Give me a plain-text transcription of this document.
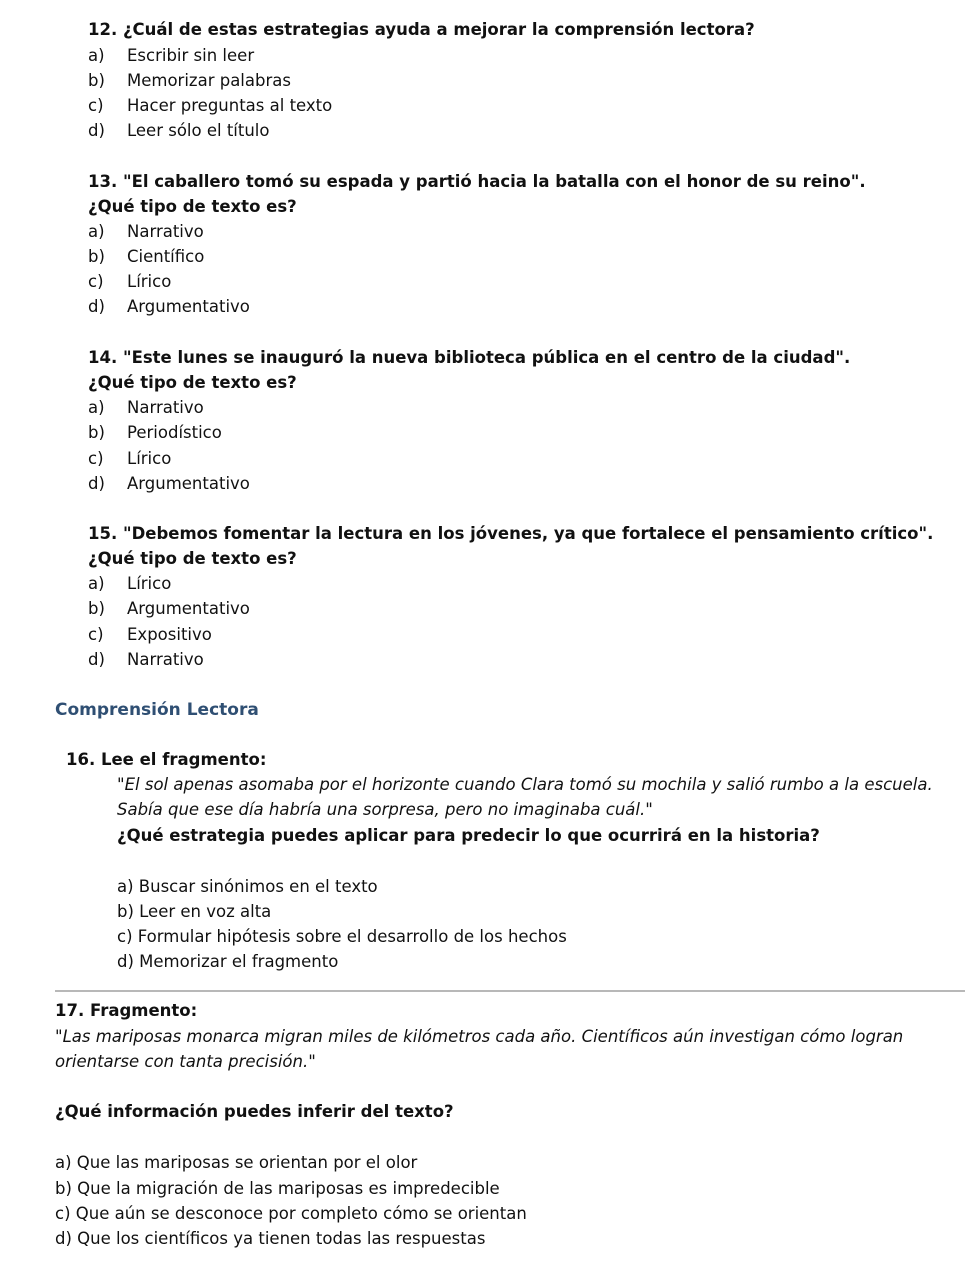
12. ¿Cuál de estas estrategias ayuda a mejorar la comprensión lectora?
a) Escribir sin leer
b) Memorizar palabras
c) Hacer preguntas al texto
d) Leer sólo el título
13. "El caballero tomó su espada y partió hacia la batalla con el honor de su reino".
¿Qué tipo de texto es?
a) Narrativo
b) Científico
c) Lírico
d) Argumentativo
14. "Este lunes se inauguró la nueva biblioteca pública en el centro de la ciudad".
¿Qué tipo de texto es?
a) Narrativo
b) Periodístico
c) Lírico
d) Argumentativo
15. "Debemos fomentar la lectura en los jóvenes, ya que fortalece el pensamiento crítico".
¿Qué tipo de texto es?
a) Lírico
b) Argumentativo
c) Expositivo
d) Narrativo
Comprensión Lectora
16. Lee el fragmento:
"El sol apenas asomaba por el horizonte cuando Clara tomó su mochila y salió rumbo a la escuela.
Sabía que ese día habría una sorpresa, pero no imaginaba cuál."
¿Qué estrategia puedes aplicar para predecir lo que ocurrirá en la historia?
a) Buscar sinónimos en el texto
b) Leer en voz alta
c) Formular hipótesis sobre el desarrollo de los hechos
d) Memorizar el fragmento
17. Fragmento:
"Las mariposas monarca migran miles de kilómetros cada año. Científicos aún investigan cómo logran
orientarse con tanta precisión."
¿Qué información puedes inferir del texto?
a) Que las mariposas se orientan por el olor
b) Que la migración de las mariposas es impredecible
c) Que aún se desconoce por completo cómo se orientan
d) Que los científicos ya tienen todas las respuestas
